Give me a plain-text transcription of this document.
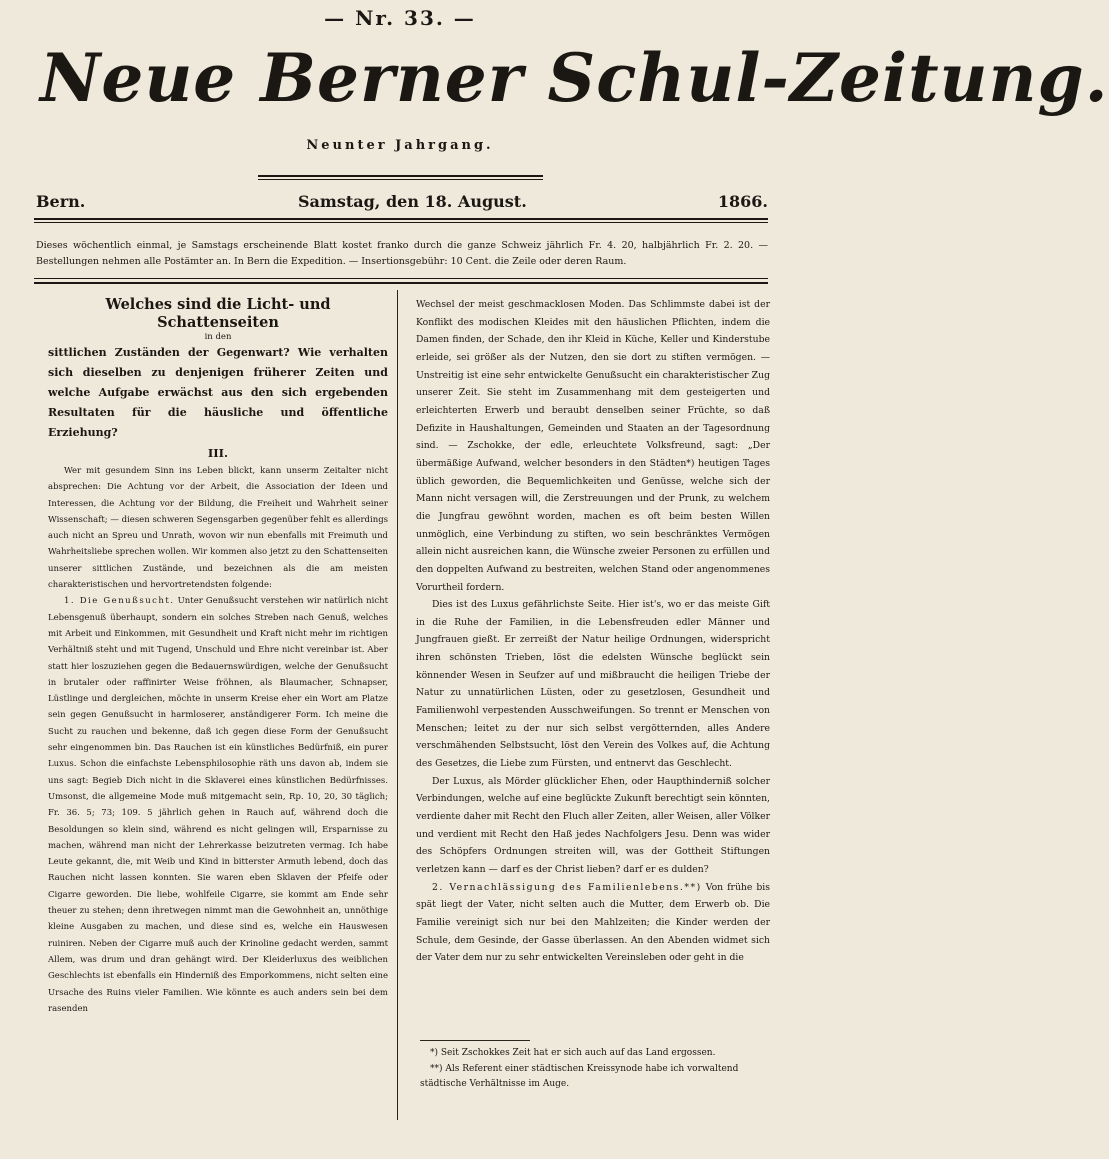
— Nr. 33. —
Neue Berner Schul-Zeitung.
Neunter Jahrgang.
Bern.	Samstag, den 18. August.	1866.
Dieses wöchentlich einmal, je Samstags erscheinende Blatt kostet franko durch die ganze Schweiz jährlich Fr. 4. 20, halbjährlich Fr. 2. 20. — Bestellungen nehmen alle Postämter an. In Bern die Expedition. — Insertionsgebühr: 10 Cent. die Zeile oder deren Raum.
Welches sind die Licht- und Schattenseiten
in den
sittlichen Zuständen der Gegenwart? Wie verhalten sich dieselben zu denjenigen früherer Zeiten und welche Aufgabe erwächst aus den sich ergebenden Resultaten für die häusliche und öffentliche Erziehung?
III.

Wer mit gesundem Sinn ins Leben blickt, kann unserm Zeitalter nicht absprechen: Die Achtung vor der Arbeit, die Association der Ideen und Interessen, die Achtung vor der Bildung, die Freiheit und Wahrheit seiner Wissenschaft; — diesen schweren Segensgarben gegenüber fehlt es allerdings auch nicht an Spreu und Unrath, wovon wir nun ebenfalls mit Freimuth und Wahrheitsliebe sprechen wollen. Wir kommen also jetzt zu den Schattenseiten unserer sittlichen Zustände, und bezeichnen als die am meisten charakteristischen und hervortretendsten folgende:

1. Die Genußsucht. Unter Genußsucht verstehen wir natürlich nicht Lebensgenuß überhaupt, sondern ein solches Streben nach Genuß, welches mit Arbeit und Einkommen, mit Gesundheit und Kraft nicht mehr im richtigen Verhältniß steht und mit Tugend, Unschuld und Ehre nicht vereinbar ist. Aber statt hier loszuziehen gegen die Bedauernswürdigen, welche der Genußsucht in brutaler oder raffinirter Weise fröhnen, als Blaumacher, Schnapser, Lüstlinge und dergleichen, möchte in unserm Kreise eher ein Wort am Platze sein gegen Genußsucht in harmloserer, anständigerer Form. Ich meine die Sucht zu rauchen und bekenne, daß ich gegen diese Form der Genußsucht sehr eingenommen bin. Das Rauchen ist ein künstliches Bedürfniß, ein purer Luxus. Schon die einfachste Lebensphilosophie räth uns davon ab, indem sie uns sagt: Begieb Dich nicht in die Sklaverei eines künstlichen Bedürfnisses. Umsonst, die allgemeine Mode muß mitgemacht sein, Rp. 10, 20, 30 täglich; Fr. 36. 5; 73; 109. 5 jährlich gehen in Rauch auf, während doch die Besoldungen so klein sind, während es nicht gelingen will, Ersparnisse zu machen, während man nicht der Lehrerkasse beizutreten vermag. Ich habe Leute gekannt, die, mit Weib und Kind in bitterster Armuth lebend, doch das Rauchen nicht lassen konnten. Sie waren eben Sklaven der Pfeife oder Cigarre geworden. Die liebe, wohlfeile Cigarre, sie kommt am Ende sehr theuer zu stehen; denn ihretwegen nimmt man die Gewohnheit an, unnöthige kleine Ausgaben zu machen, und diese sind es, welche ein Hauswesen ruiniren. Neben der Cigarre muß auch der Krinoline gedacht werden, sammt Allem, was drum und dran gehängt wird. Der Kleiderluxus des weiblichen Geschlechts ist ebenfalls ein Hinderniß des Emporkommens, nicht selten eine Ursache des Ruins vieler Familien. Wie könnte es auch anders sein bei dem rasenden

Wechsel der meist geschmacklosen Moden. Das Schlimmste dabei ist der Konflikt des modischen Kleides mit den häuslichen Pflichten, indem die Damen finden, der Schade, den ihr Kleid in Küche, Keller und Kinderstube erleide, sei größer als der Nutzen, den sie dort zu stiften vermögen. — Unstreitig ist eine sehr entwickelte Genußsucht ein charakteristischer Zug unserer Zeit. Sie steht im Zusammenhang mit dem gesteigerten und erleichterten Erwerb und beraubt denselben seiner Früchte, so daß Defizite in Haushaltungen, Gemeinden und Staaten an der Tagesordnung sind. — Zschokke, der edle, erleuchtete Volksfreund, sagt: „Der übermäßige Aufwand, welcher besonders in den Städten*) heutigen Tages üblich geworden, die Bequemlichkeiten und Genüsse, welche sich der Mann nicht versagen will, die Zerstreuungen und der Prunk, zu welchem die Jungfrau gewöhnt worden, machen es oft beim besten Willen unmöglich, eine Verbindung zu stiften, wo sein beschränktes Vermögen allein nicht ausreichen kann, die Wünsche zweier Personen zu erfüllen und den doppelten Aufwand zu bestreiten, welchen Stand oder angenommenes Vorurtheil fordern.

Dies ist des Luxus gefährlichste Seite. Hier ist's, wo er das meiste Gift in die Ruhe der Familien, in die Lebensfreuden edler Männer und Jungfrauen gießt. Er zerreißt der Natur heilige Ordnungen, widerspricht ihren schönsten Trieben, löst die edelsten Wünsche beglückt sein könnender Wesen in Seufzer auf und mißbraucht die heiligen Triebe der Natur zu unnatürlichen Lüsten, oder zu gesetzlosen, Gesundheit und Familienwohl verpestenden Ausschweifungen. So trennt er Menschen von Menschen; leitet zu der nur sich selbst vergötternden, alles Andere verschmähenden Selbstsucht, löst den Verein des Volkes auf, die Achtung des Gesetzes, die Liebe zum Fürsten, und entnervt das Geschlecht.

Der Luxus, als Mörder glücklicher Ehen, oder Haupthinderniß solcher Verbindungen, welche auf eine beglückte Zukunft berechtigt sein könnten, verdiente daher mit Recht den Fluch aller Zeiten, aller Weisen, aller Völker und verdient mit Recht den Haß jedes Nachfolgers Jesu. Denn was wider des Schöpfers Ordnungen streiten will, was der Gottheit Stiftungen verletzen kann — darf es der Christ lieben? darf er es dulden?

2. Vernachlässigung des Familienlebens.**) Von frühe bis spät liegt der Vater, nicht selten auch die Mutter, dem Erwerb ob. Die Familie vereinigt sich nur bei den Mahlzeiten; die Kinder werden der Schule, dem Gesinde, der Gasse überlassen. An den Abenden widmet sich der Vater dem nur zu sehr entwickelten Vereinsleben oder geht in die

*) Seit Zschokkes Zeit hat er sich auch auf das Land ergossen.
**) Als Referent einer städtischen Kreissynode habe ich vorwaltend städtische Verhältnisse im Auge.
